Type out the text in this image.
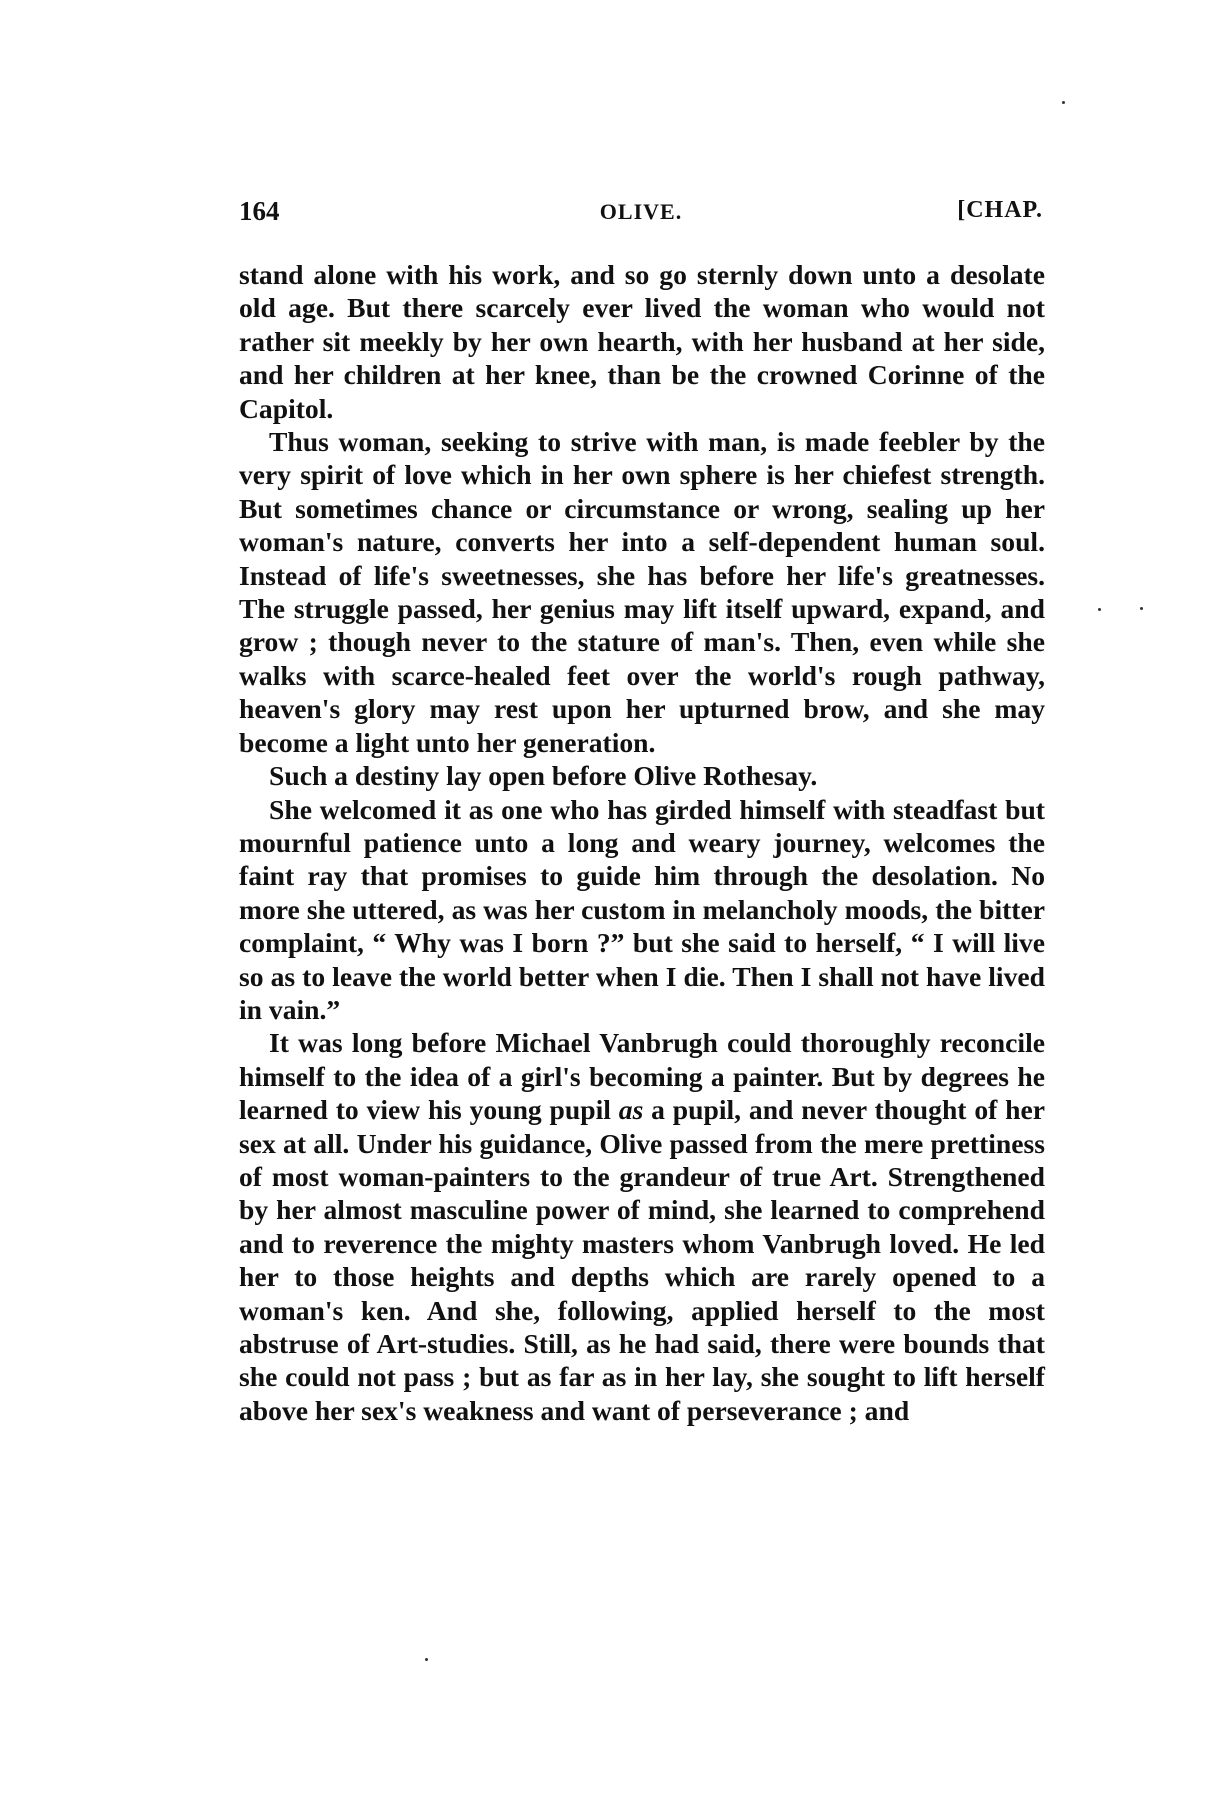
164	OLIVE.	[CHAP.

stand alone with his work, and so go sternly down unto a desolate old age. But there scarcely ever lived the woman who would not rather sit meekly by her own hearth, with her husband at her side, and her children at her knee, than be the crowned Corinne of the Capitol.

Thus woman, seeking to strive with man, is made feebler by the very spirit of love which in her own sphere is her chiefest strength. But sometimes chance or circumstance or wrong, sealing up her woman's nature, converts her into a self-dependent human soul. Instead of life's sweetnesses, she has before her life's greatnesses. The struggle passed, her genius may lift itself upward, expand, and grow ; though never to the stature of man's. Then, even while she walks with scarce-healed feet over the world's rough pathway, heaven's glory may rest upon her upturned brow, and she may become a light unto her generation.

Such a destiny lay open before Olive Rothesay.

She welcomed it as one who has girded himself with steadfast but mournful patience unto a long and weary journey, welcomes the faint ray that promises to guide him through the desolation. No more she uttered, as was her custom in melancholy moods, the bitter complaint, “ Why was I born ?” but she said to herself, “ I will live so as to leave the world better when I die. Then I shall not have lived in vain.”

It was long before Michael Vanbrugh could thoroughly reconcile himself to the idea of a girl's becoming a painter. But by degrees he learned to view his young pupil as a pupil, and never thought of her sex at all. Under his guidance, Olive passed from the mere prettiness of most woman-painters to the grandeur of true Art. Strengthened by her almost masculine power of mind, she learned to comprehend and to reverence the mighty masters whom Vanbrugh loved. He led her to those heights and depths which are rarely opened to a woman's ken. And she, following, applied herself to the most abstruse of Art-studies. Still, as he had said, there were bounds that she could not pass ; but as far as in her lay, she sought to lift herself above her sex's weakness and want of perseverance ; and
